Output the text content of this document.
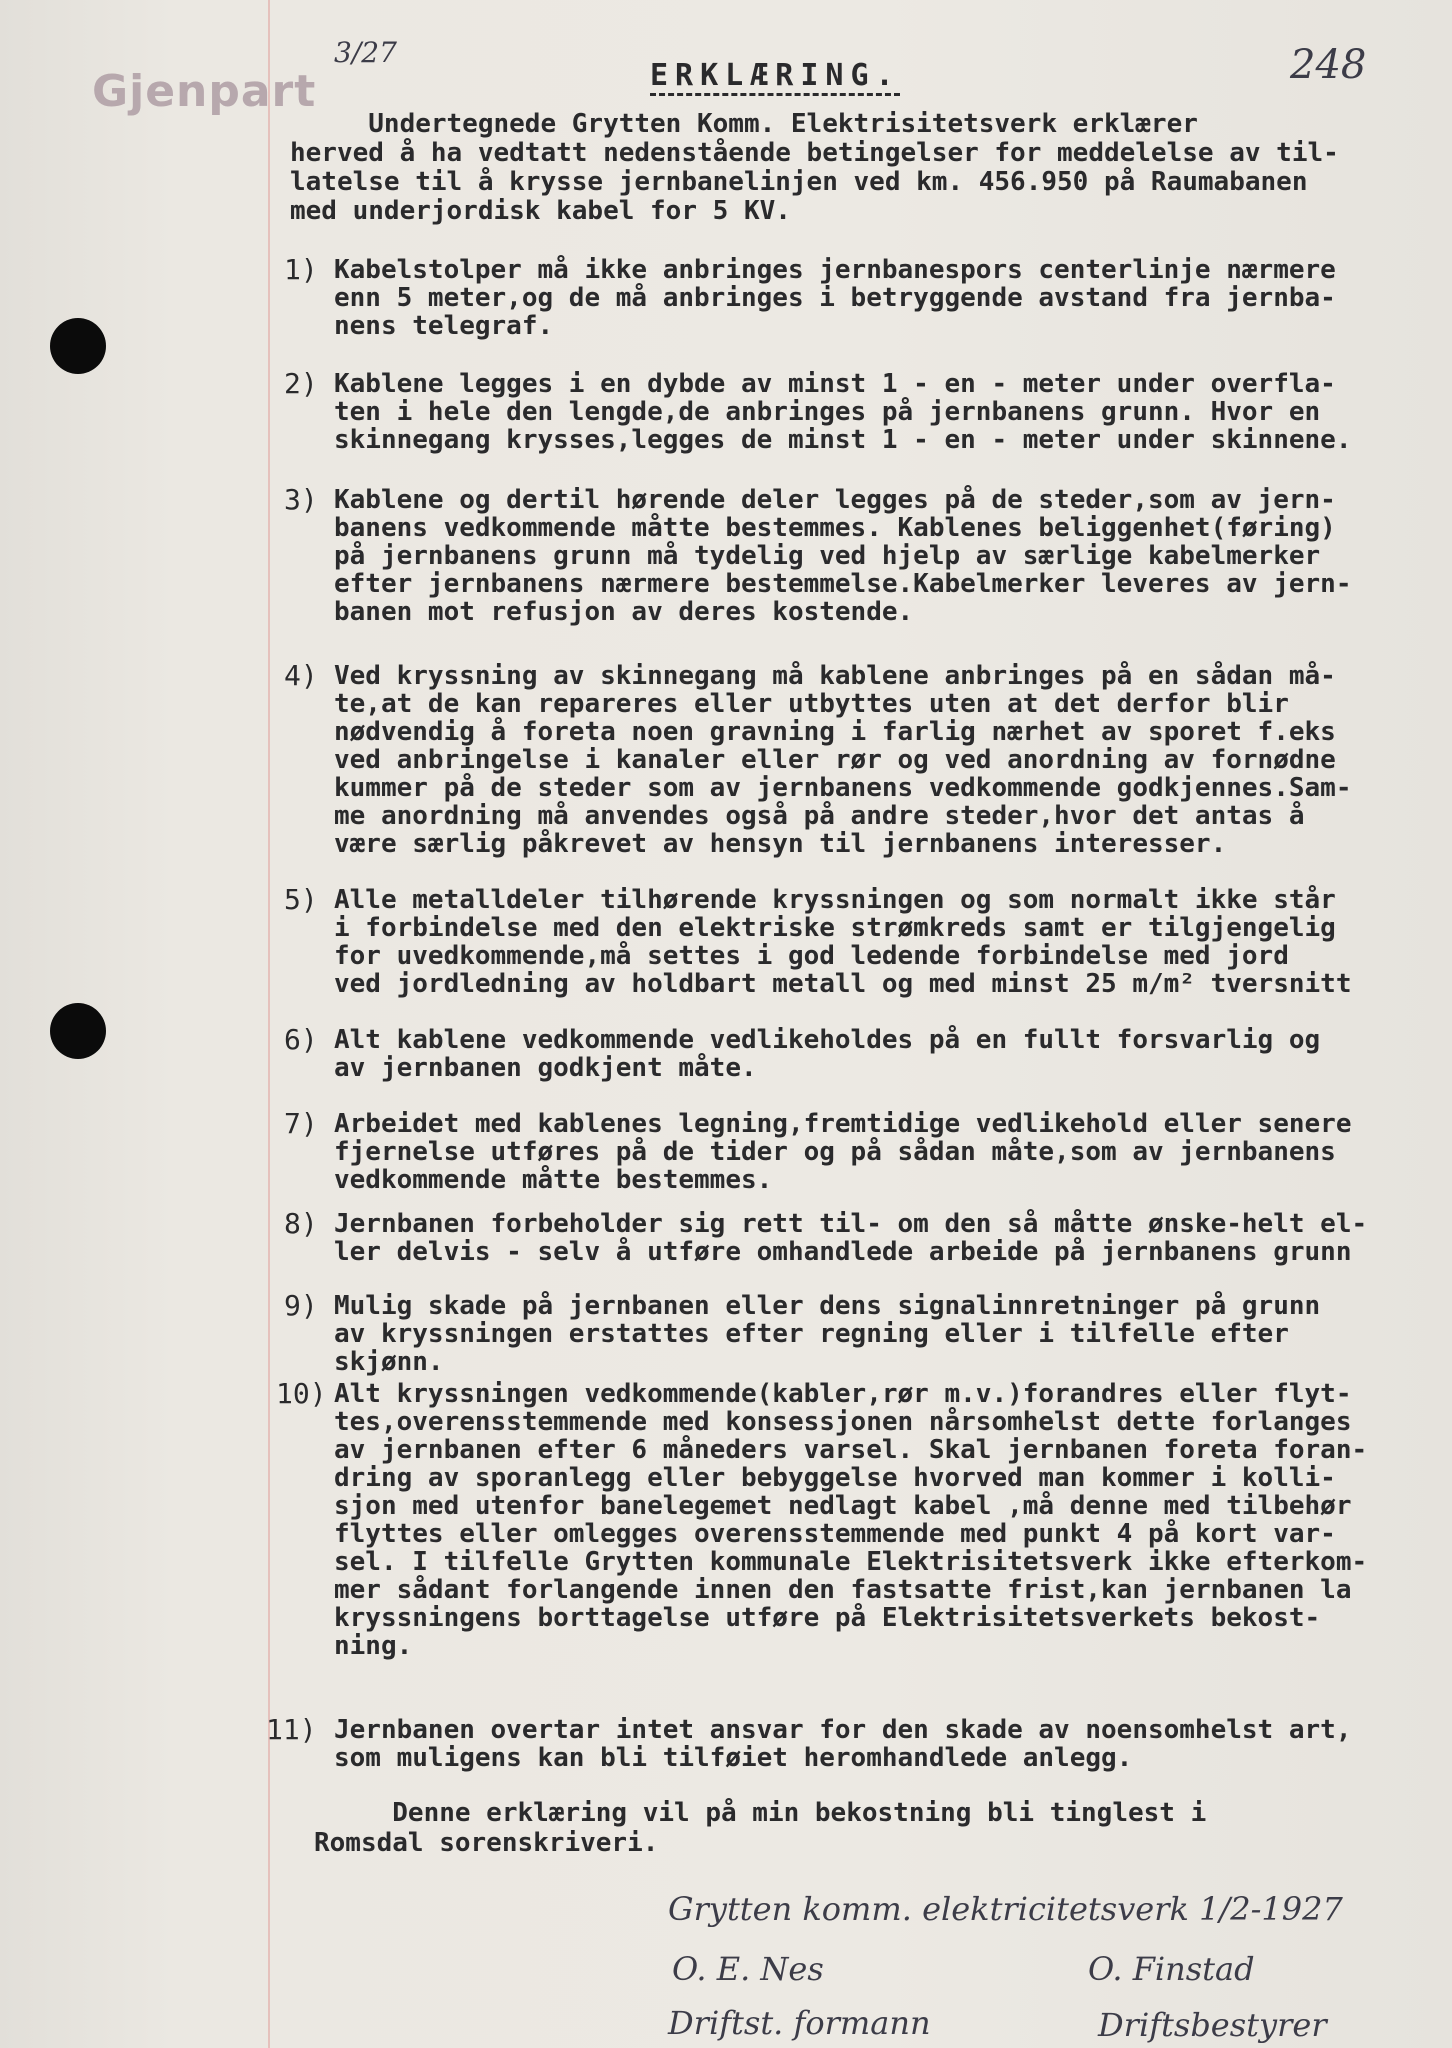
Gjenpart
3/27	248
ERKLÆRING.
Undertegnede Grytten Komm. Elektrisitetsverk erklærer
herved å ha vedtatt nedenstående betingelser for meddelelse av til-
latelse til å krysse jernbanelinjen ved km. 456.950 på Raumabanen
med underjordisk kabel for 5 KV.
1) Kabelstolper må ikke anbringes jernbanespors centerlinje nærmere
enn 5 meter,og de må anbringes i betryggende avstand fra jernba-
nens telegraf.
2) Kablene legges i en dybde av minst 1 - en - meter under overfla-
ten i hele den lengde,de anbringes på jernbanens grunn. Hvor en
skinnegang krysses,legges de minst 1 - en - meter under skinnene.
3) Kablene og dertil hørende deler legges på de steder,som av jern-
banens vedkommende måtte bestemmes. Kablenes beliggenhet(føring)
på jernbanens grunn må tydelig ved hjelp av særlige kabelmerker
efter jernbanens nærmere bestemmelse.Kabelmerker leveres av jern-
banen mot refusjon av deres kostende.
4) Ved kryssning av skinnegang må kablene anbringes på en sådan må-
te,at de kan repareres eller utbyttes uten at det derfor blir
nødvendig å foreta noen gravning i farlig nærhet av sporet f.eks
ved anbringelse i kanaler eller rør og ved anordning av fornødne
kummer på de steder som av jernbanens vedkommende godkjennes.Sam-
me anordning må anvendes også på andre steder,hvor det antas å
være særlig påkrevet av hensyn til jernbanens interesser.
5) Alle metalldeler tilhørende kryssningen og som normalt ikke står
i forbindelse med den elektriske strømkreds samt er tilgjengelig
for uvedkommende,må settes i god ledende forbindelse med jord
ved jordledning av holdbart metall og med minst 25 m/m² tversnitt
6) Alt kablene vedkommende vedlikeholdes på en fullt forsvarlig og
av jernbanen godkjent måte.
7) Arbeidet med kablenes legning,fremtidige vedlikehold eller senere
fjernelse utføres på de tider og på sådan måte,som av jernbanens
vedkommende måtte bestemmes.
8) Jernbanen forbeholder sig rett til- om den så måtte ønske-helt el-
ler delvis - selv å utføre omhandlede arbeide på jernbanens grunn
9) Mulig skade på jernbanen eller dens signalinnretninger på grunn
av kryssningen erstattes efter regning eller i tilfelle efter
skjønn.
10) Alt kryssningen vedkommende(kabler,rør m.v.)forandres eller flyt-
tes,overensstemmende med konsessjonen nårsomhelst dette forlanges
av jernbanen efter 6 måneders varsel. Skal jernbanen foreta foran-
dring av sporanlegg eller bebyggelse hvorved man kommer i kolli-
sjon med utenfor banelegemet nedlagt kabel ,må denne med tilbehør
flyttes eller omlegges overensstemmende med punkt 4 på kort var-
sel. I tilfelle Grytten kommunale Elektrisitetsverk ikke efterkom-
mer sådant forlangende innen den fastsatte frist,kan jernbanen la
kryssningens borttagelse utføre på Elektrisitetsverkets bekost-
ning.
11) Jernbanen overtar intet ansvar for den skade av noensomhelst art,
som muligens kan bli tilføiet heromhandlede anlegg.
Denne erklæring vil på min bekostning bli tinglest i
Romsdal sorenskriveri.
Grytten komm. elektricitetsverk 1/2-1927
O. E. Nes	O. Finstad
Driftst. formann	Driftsbestyrer
